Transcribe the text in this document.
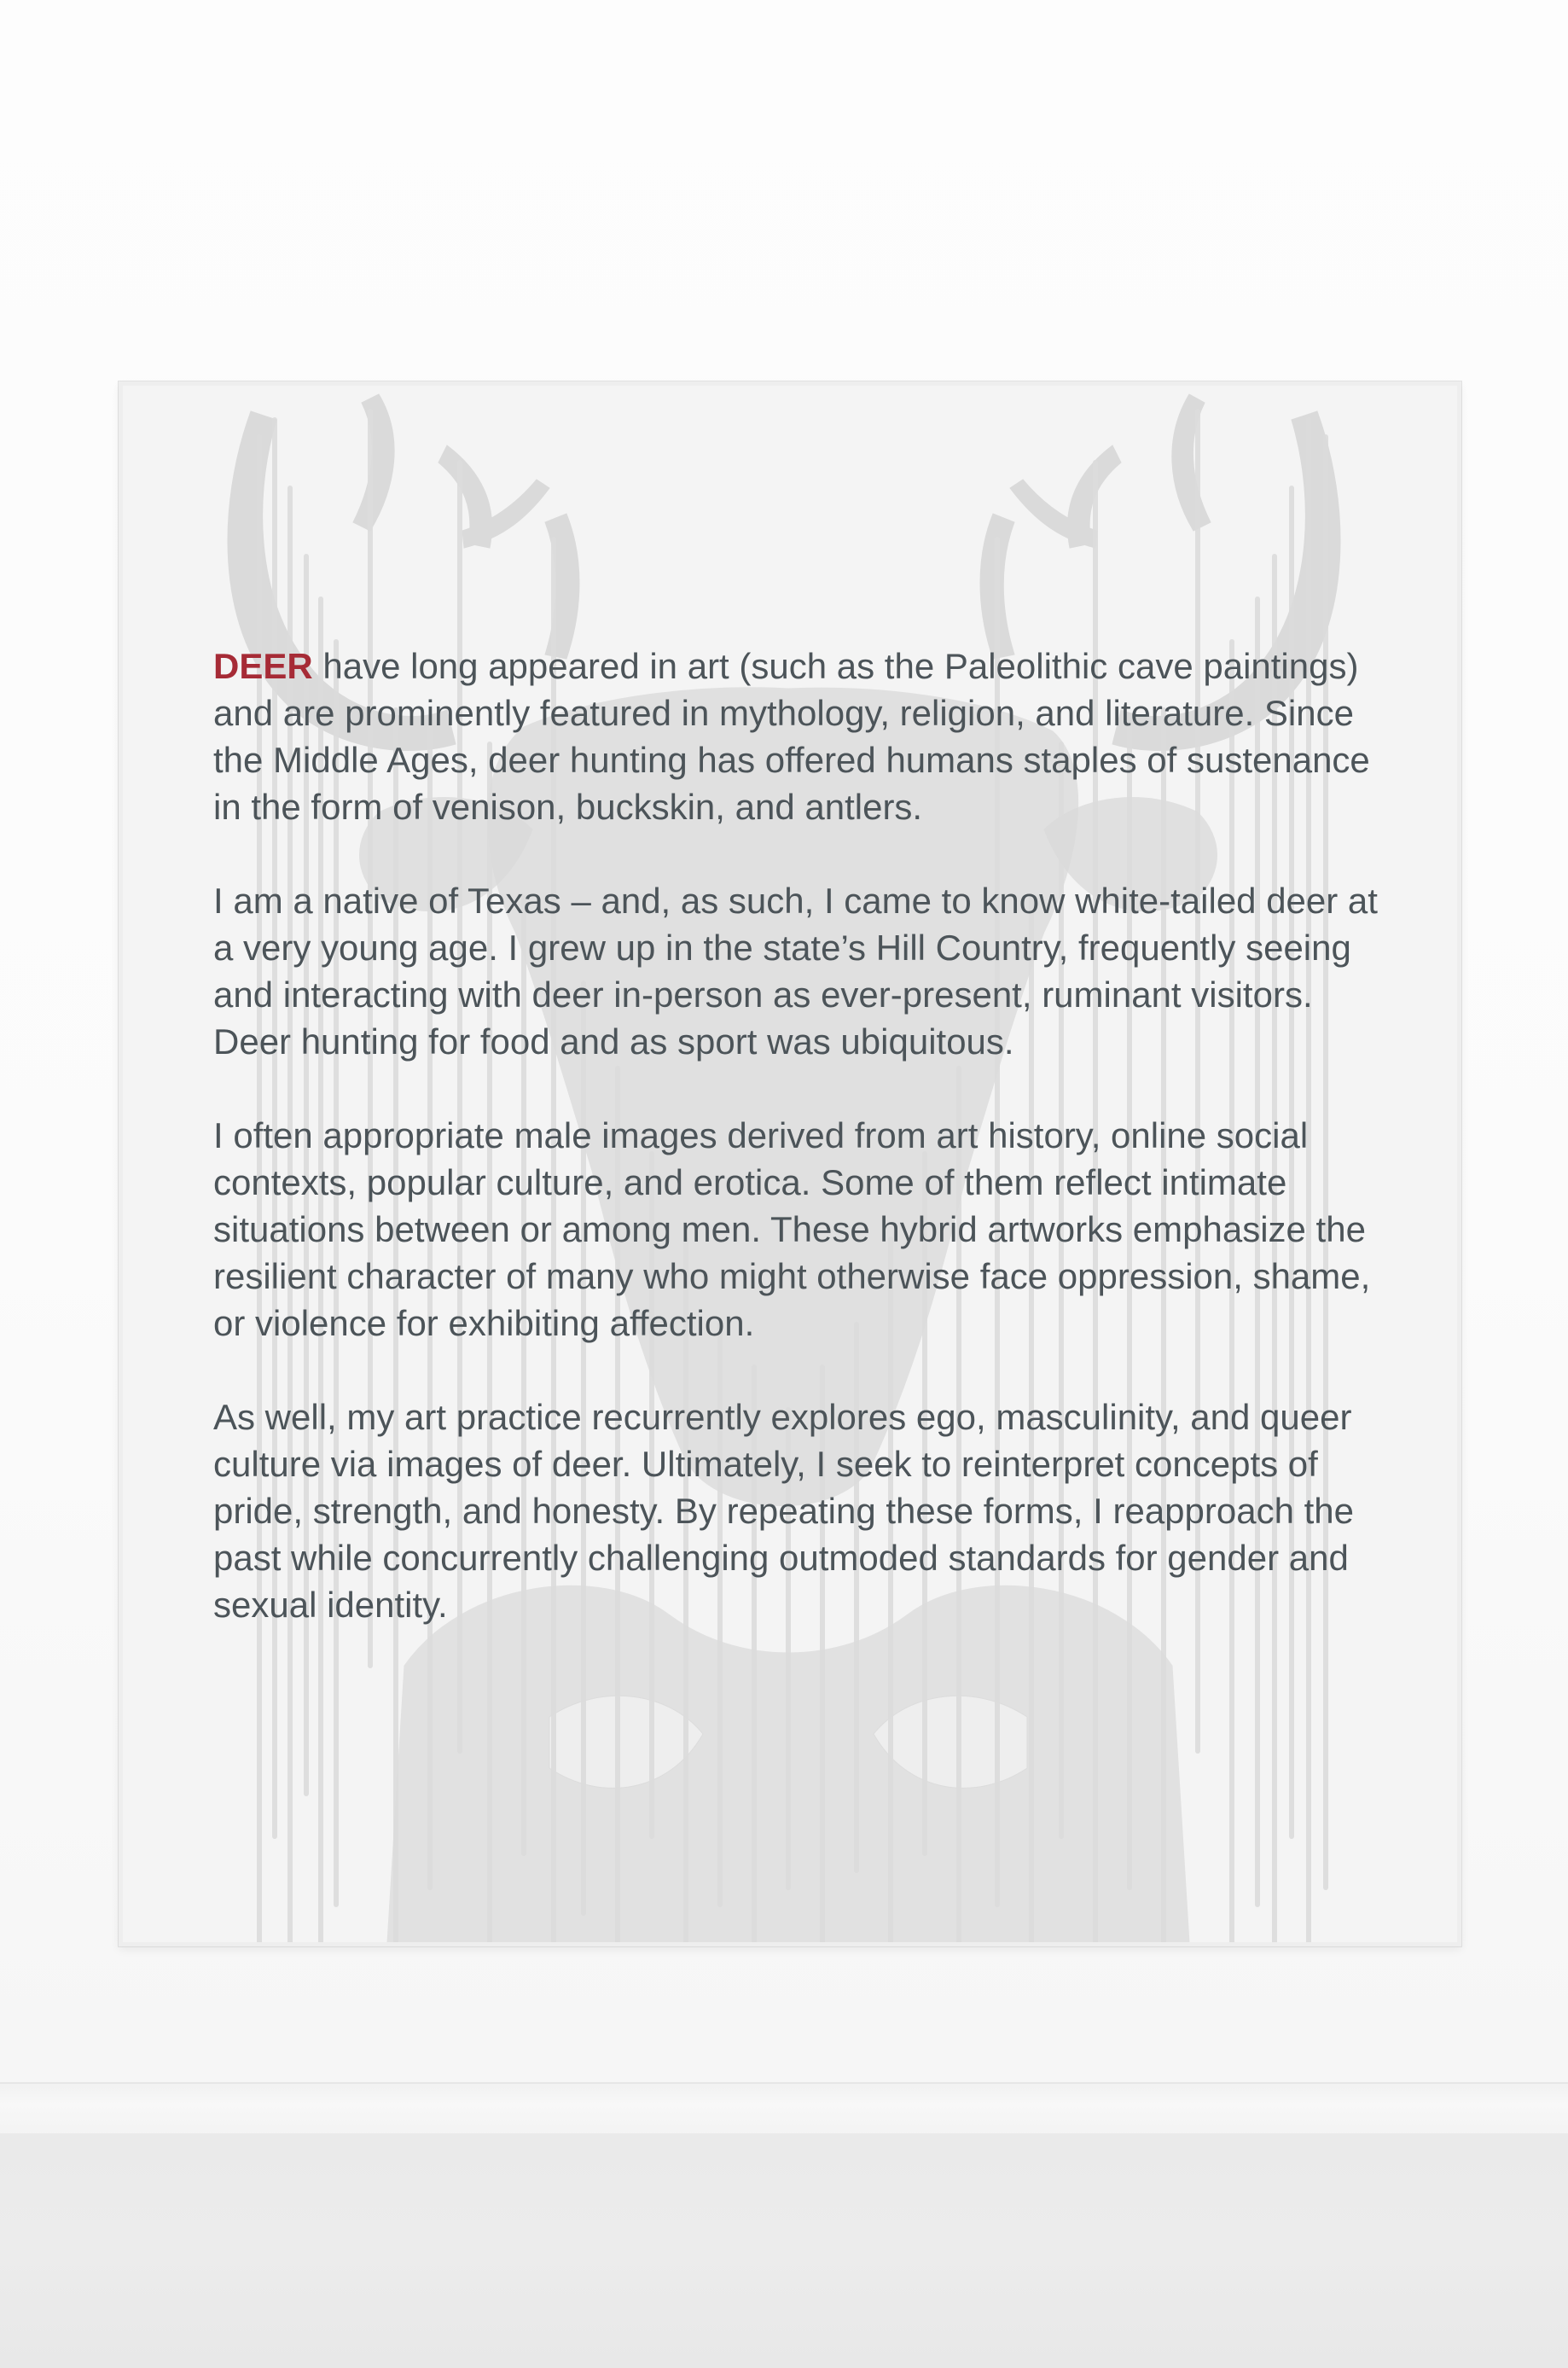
DEER have long appeared in art (such as the Paleolithic cave paintings) and are prominently featured in mythology, religion, and literature. Since the Middle Ages, deer hunting has offered humans staples of sustenance in the form of venison, buckskin, and antlers.

I am a native of Texas – and, as such, I came to know white-tailed deer at a very young age. I grew up in the state’s Hill Country, frequently seeing and interacting with deer in-person as ever-present, ruminant visitors. Deer hunting for food and as sport was ubiquitous.

I often appropriate male images derived from art history, online social contexts, popular culture, and erotica. Some of them reflect intimate situations between or among men. These hybrid artworks emphasize the resilient character of many who might otherwise face oppression, shame, or violence for exhibiting affection.

As well, my art practice recurrently explores ego, masculinity, and queer culture via images of deer. Ultimately, I seek to reinterpret concepts of pride, strength, and honesty. By repeating these forms, I reapproach the past while concurrently challenging outmoded standards for gender and sexual identity.
